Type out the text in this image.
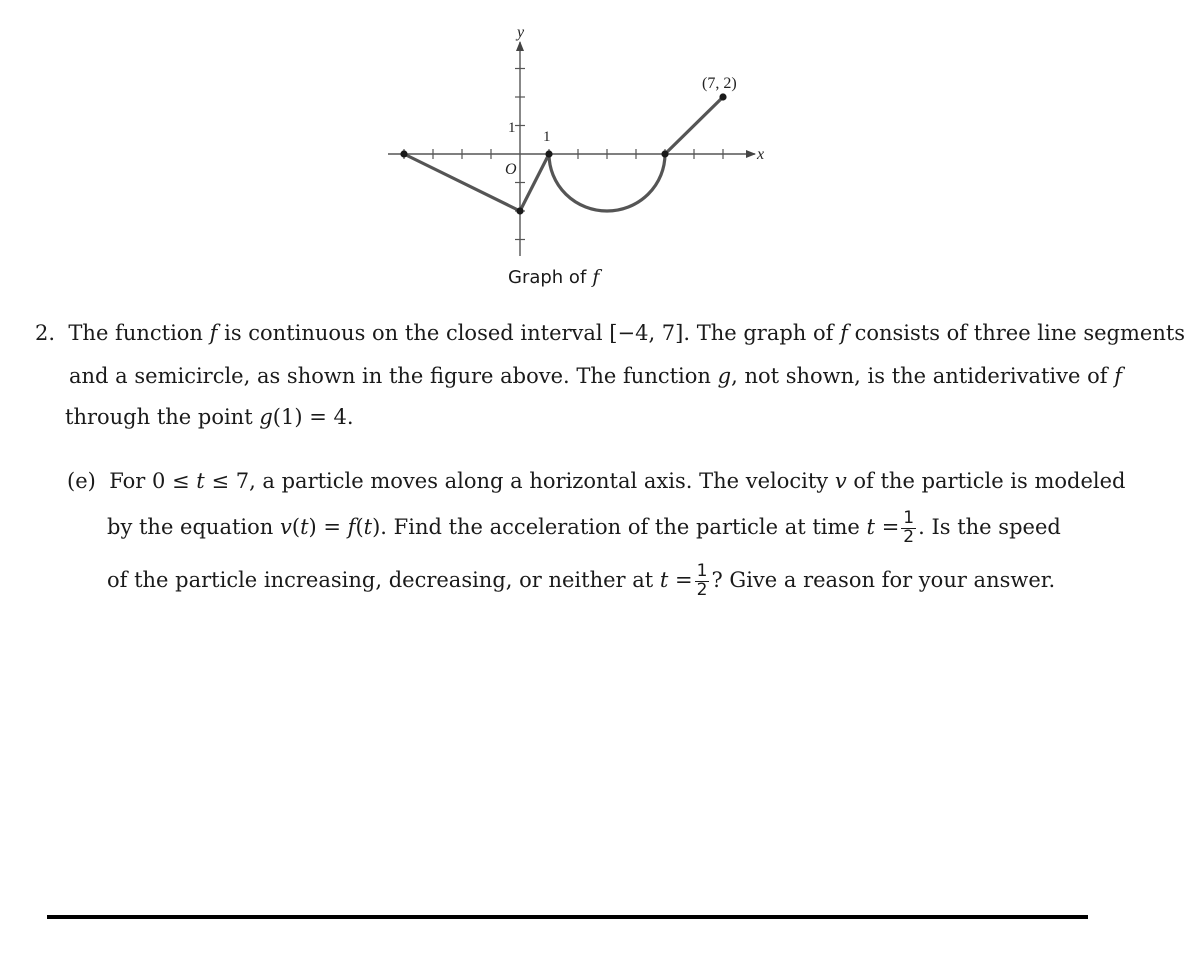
y
x
1
1
O
(7, 2)
Graph of f
2. The function f is continuous on the closed interval [−4, 7]. The graph of f consists of three line segments
and a semicircle, as shown in the figure above. The function g, not shown, is the antiderivative of f
through the point g(1) = 4.
(e) For 0 ≤ t ≤ 7, a particle moves along a horizontal axis. The velocity v of the particle is modeled
by the equation v(t) = f(t). Find the acceleration of the particle at time $t = \frac{1}{2}$ . Is the speed
of the particle increasing, decreasing, or neither at $t = \frac{1}{2}$ ? Give a reason for your answer.
